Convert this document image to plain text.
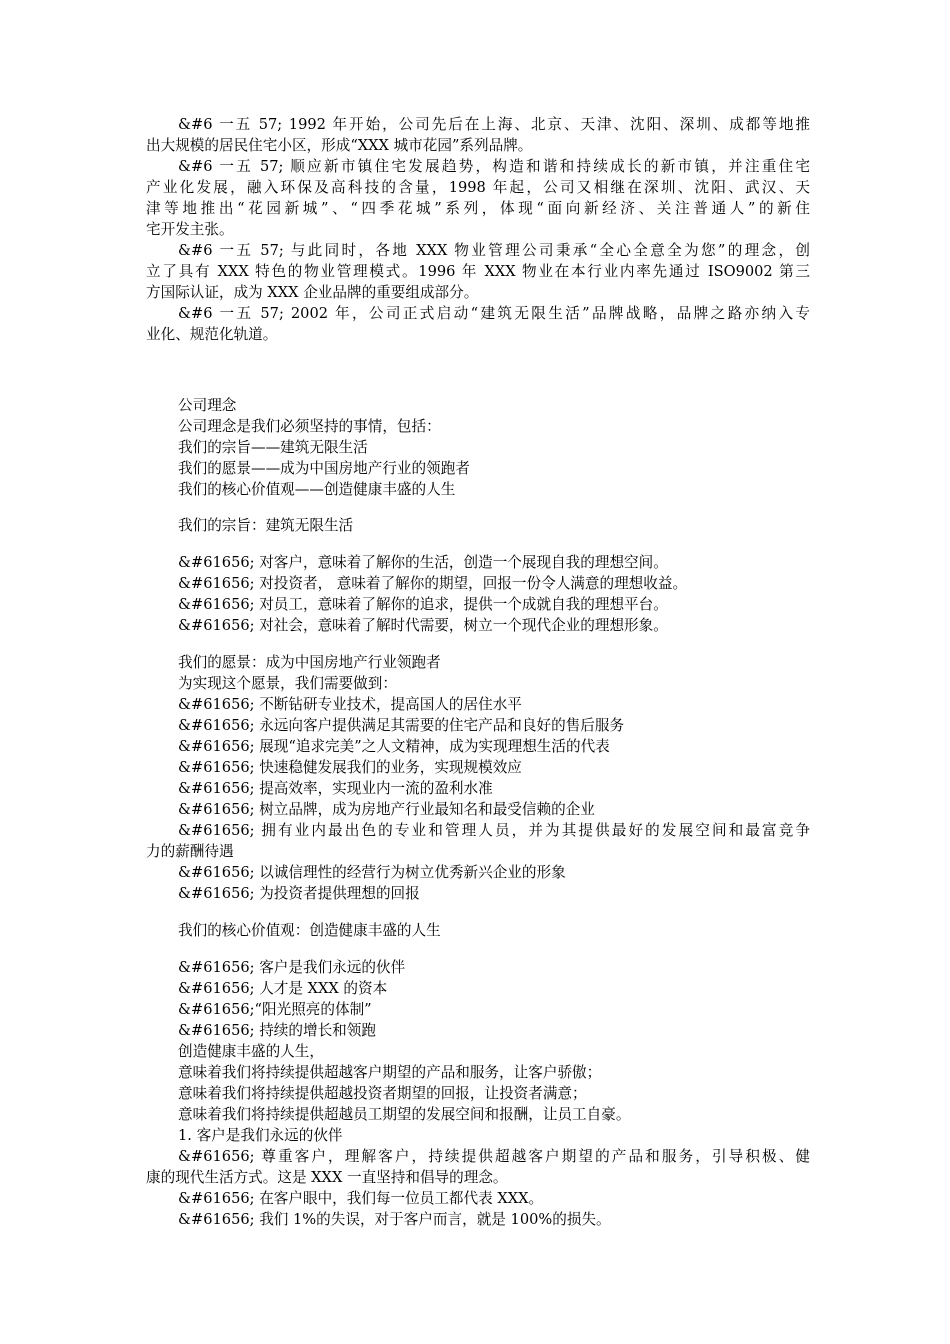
&#6 一五 57; 1992 年开始，公司先后在上海、北京、天津、沈阳、深圳、成都等地推
出大规模的居民住宅小区，形成“XXX 城市花园”系列品牌。
&#6 一五 57; 顺应新市镇住宅发展趋势，构造和谐和持续成长的新市镇，并注重住宅
产业化发展，融入环保及高科技的含量，1998 年起，公司又相继在深圳、沈阳、武汉、天
津等地推出“花园新城”、“四季花城”系列，体现“面向新经济、关注普通人”的新住
宅开发主张。
&#6 一五 57; 与此同时，各地 XXX 物业管理公司秉承“全心全意全为您”的理念，创
立了具有 XXX 特色的物业管理模式。1996 年 XXX 物业在本行业内率先通过 ISO9002 第三
方国际认证，成为 XXX 企业品牌的重要组成部分。
&#6 一五 57; 2002 年，公司正式启动“建筑无限生活”品牌战略，品牌之路亦纳入专
业化、规范化轨道。
公司理念
公司理念是我们必须坚持的事情，包括：
我们的宗旨——建筑无限生活
我们的愿景——成为中国房地产行业的领跑者
我们的核心价值观——创造健康丰盛的人生
我们的宗旨：建筑无限生活
&#61656; 对客户，意味着了解你的生活，创造一个展现自我的理想空间。
&#61656; 对投资者， 意味着了解你的期望，回报一份令人满意的理想收益。
&#61656; 对员工，意味着了解你的追求，提供一个成就自我的理想平台。
&#61656; 对社会，意味着了解时代需要，树立一个现代企业的理想形象。
我们的愿景：成为中国房地产行业领跑者
为实现这个愿景，我们需要做到：
&#61656; 不断钻研专业技术，提高国人的居住水平
&#61656; 永远向客户提供满足其需要的住宅产品和良好的售后服务
&#61656; 展现“追求完美”之人文精神，成为实现理想生活的代表
&#61656; 快速稳健发展我们的业务，实现规模效应
&#61656; 提高效率，实现业内一流的盈利水准
&#61656; 树立品牌，成为房地产行业最知名和最受信赖的企业
&#61656; 拥有业内最出色的专业和管理人员，并为其提供最好的发展空间和最富竞争
力的薪酬待遇
&#61656; 以诚信理性的经营行为树立优秀新兴企业的形象
&#61656; 为投资者提供理想的回报
我们的核心价值观：创造健康丰盛的人生
&#61656; 客户是我们永远的伙伴
&#61656; 人才是 XXX 的资本
&#61656;“阳光照亮的体制”
&#61656; 持续的增长和领跑
创造健康丰盛的人生，
意味着我们将持续提供超越客户期望的产品和服务，让客户骄傲；
意味着我们将持续提供超越投资者期望的回报，让投资者满意；
意味着我们将持续提供超越员工期望的发展空间和报酬，让员工自豪。
1. 客户是我们永远的伙伴
&#61656; 尊重客户，理解客户，持续提供超越客户期望的产品和服务，引导积极、健
康的现代生活方式。这是 XXX 一直坚持和倡导的理念。
&#61656; 在客户眼中，我们每一位员工都代表 XXX。
&#61656; 我们 1%的失误，对于客户而言，就是 100%的损失。
